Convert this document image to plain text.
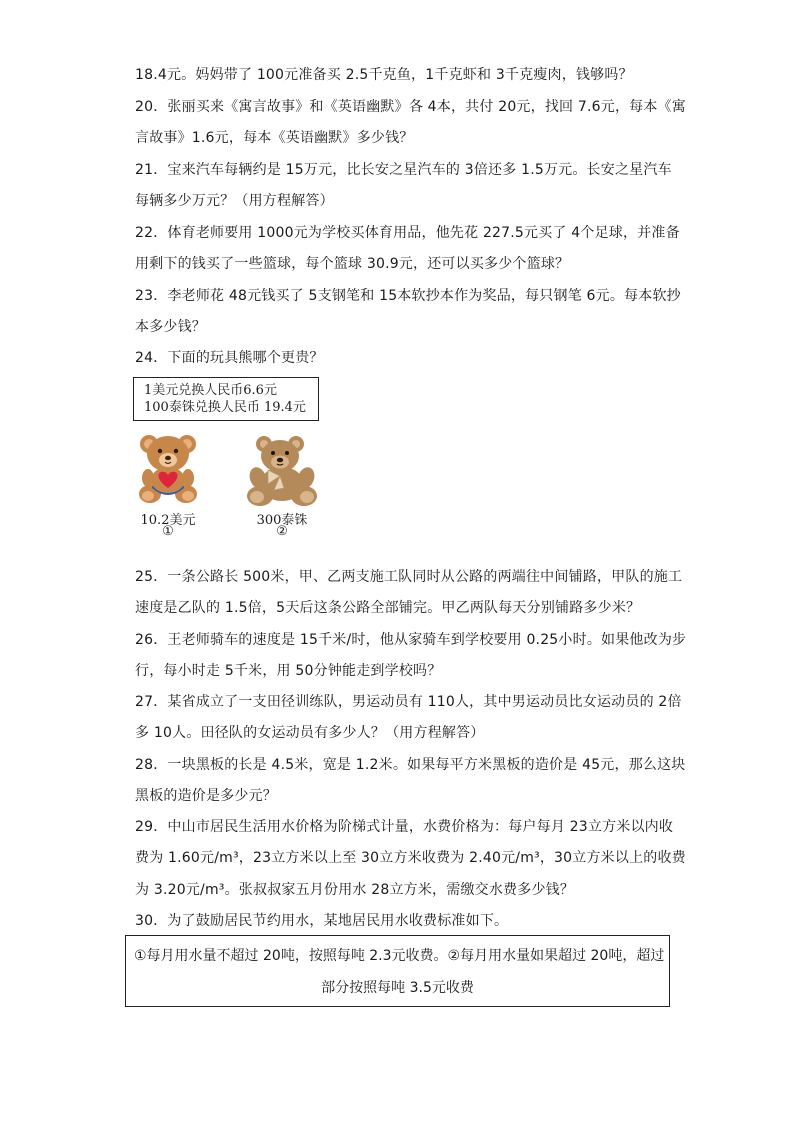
18.4元。妈妈带了 100元准备买 2.5千克鱼，1千克虾和 3千克瘦肉，钱够吗？
20．张丽买来《寓言故事》和《英语幽默》各 4本，共付 20元，找回 7.6元，每本《寓
言故事》1.6元，每本《英语幽默》多少钱？
21．宝来汽车每辆约是 15万元，比长安之星汽车的 3倍还多 1.5万元。长安之星汽车
每辆多少万元？（用方程解答）
22．体育老师要用 1000元为学校买体育用品，他先花 227.5元买了 4个足球，并准备
用剩下的钱买了一些篮球，每个篮球 30.9元，还可以买多少个篮球？
23．李老师花 48元钱买了 5支钢笔和 15本软抄本作为奖品，每只钢笔 6元。每本软抄
本多少钱？
24．下面的玩具熊哪个更贵？
1美元兑换人民币6.6元
100泰铢兑换人民币 19.4元
10.2美元
①
300泰铢
②
25．一条公路长 500米，甲、乙两支施工队同时从公路的两端往中间铺路，甲队的施工
速度是乙队的 1.5倍，5天后这条公路全部铺完。甲乙两队每天分别铺路多少米？
26．王老师骑车的速度是 15千米/时，他从家骑车到学校要用 0.25小时。如果他改为步
行，每小时走 5千米，用 50分钟能走到学校吗？
27．某省成立了一支田径训练队，男运动员有 110人，其中男运动员比女运动员的 2倍
多 10人。田径队的女运动员有多少人？（用方程解答）
28．一块黑板的长是 4.5米，宽是 1.2米。如果每平方米黑板的造价是 45元，那么这块
黑板的造价是多少元？
29．中山市居民生活用水价格为阶梯式计量，水费价格为：每户每月 23立方米以内收
费为 1.60元/m³，23立方米以上至 30立方米收费为 2.40元/m³，30立方米以上的收费
为 3.20元/m³。张叔叔家五月份用水 28立方米，需缴交水费多少钱？
30．为了鼓励居民节约用水，某地居民用水收费标准如下。
①每月用水量不超过 20吨，按照每吨 2.3元收费。②每月用水量如果超过 20吨，超过
部分按照每吨 3.5元收费
